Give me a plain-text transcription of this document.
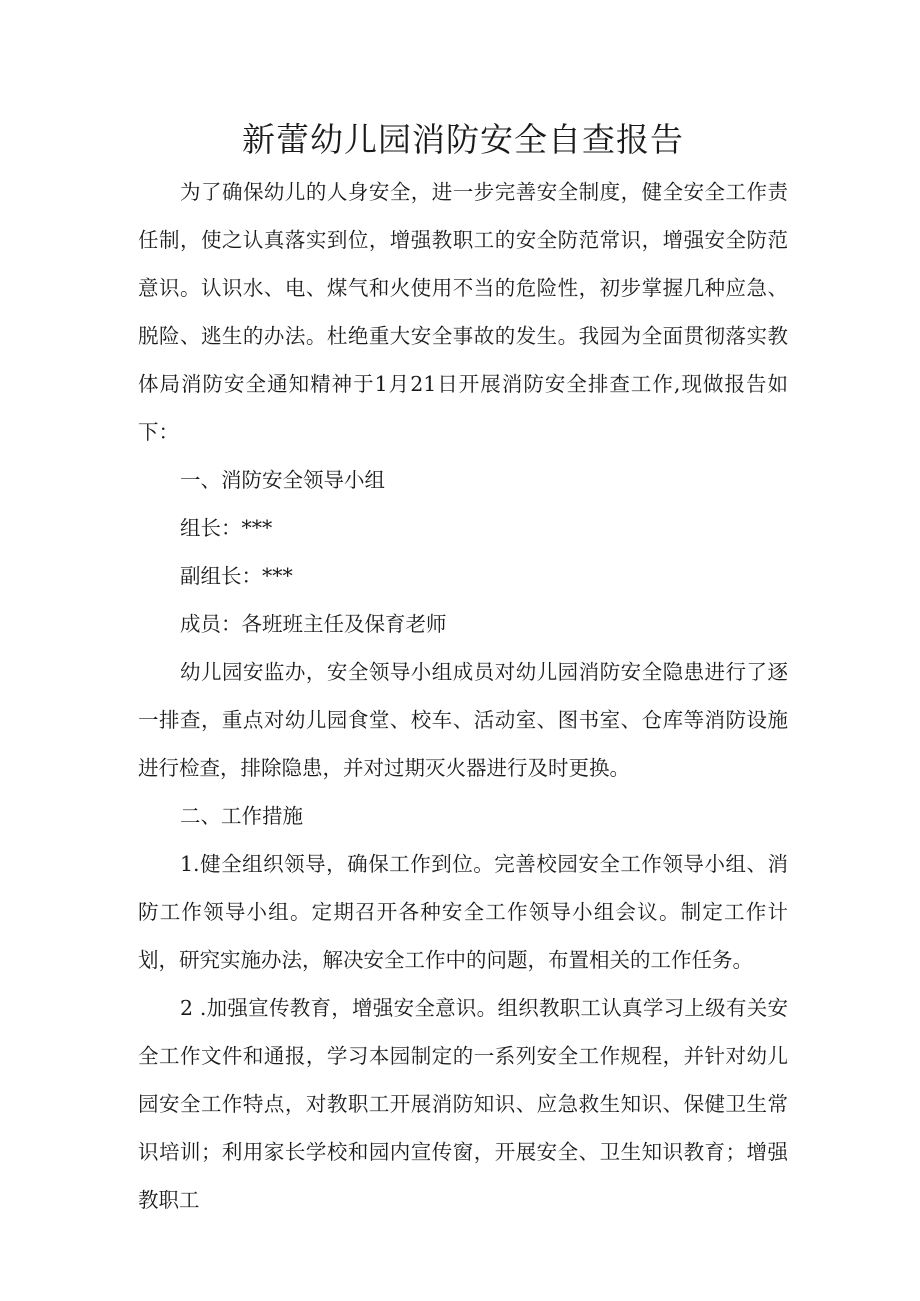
新蕾幼儿园消防安全自查报告

为了确保幼儿的人身安全，进一步完善安全制度，健全安全工作责任制，使之认真落实到位，增强教职工的安全防范常识，增强安全防范意识。认识水、电、煤气和火使用不当的危险性，初步掌握几种应急、脱险、逃生的办法。杜绝重大安全事故的发生。我园为全面贯彻落实教体局消防安全通知精神于1月21日开展消防安全排查工作,现做报告如下：

一、消防安全领导小组

组长：***

副组长：***

成员：各班班主任及保育老师

幼儿园安监办，安全领导小组成员对幼儿园消防安全隐患进行了逐一排查，重点对幼儿园食堂、校车、活动室、图书室、仓库等消防设施进行检查，排除隐患，并对过期灭火器进行及时更换。

二、工作措施

1.健全组织领导，确保工作到位。完善校园安全工作领导小组、消防工作领导小组。定期召开各种安全工作领导小组会议。制定工作计划，研究实施办法，解决安全工作中的问题，布置相关的工作任务。

2 .加强宣传教育，增强安全意识。组织教职工认真学习上级有关安全工作文件和通报，学习本园制定的一系列安全工作规程，并针对幼儿园安全工作特点，对教职工开展消防知识、应急救生知识、保健卫生常识培训；利用家长学校和园内宣传窗，开展安全、卫生知识教育；增强教职工
